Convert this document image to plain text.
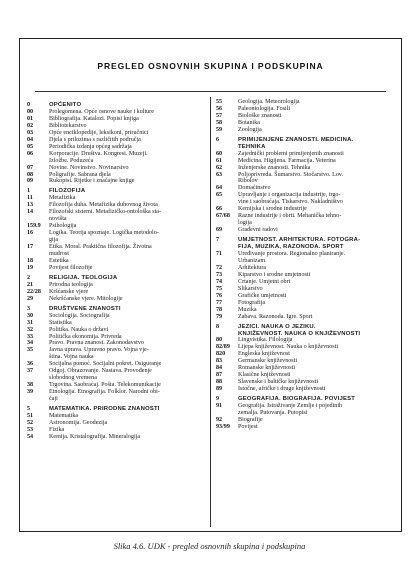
PREGLED OSNOVNIH SKUPINA I PODSKUPINA
0	OPĆENITO
00	Prolegomena. Opće osnove nauke i kulture
01	Bibliografija. Katalozi. Popisi knjiga
02	Bibliotekarstvo
03	Opće enciklopedije, leksikoni, priručnici
04	Djela s prilozima s različitih područja
05	Periodička izdanja općeg sadržaja
06	Korporacije. Društva. Kongresi. Muzeji.
Izložbe. Poduzeća
07	Novine. Novinstvo. Novinarstvo
08	Poligrafije. Sabrana djela
09	Rukopisi. Rijetke i značajne knjige
1	FILOZOFIJA
11	Metafizika
13	Filozofija duha. Metafizika duhovnog života
14	Filozofski sistemi. Metafizičko-ontološka sta-
novišta
159.9	Psihologija
16	Logika. Teorija spoznaje. Logička metodolo-
gija
17	Etika. Moral. Praktična filozofija. Životna
mudrost
18	Estetika
19	Povijest filozofije
2	RELIGIJA. TEOLOGIJA
21	Prirodna teologija
22/28	Kršćanske vjere
29	Nekršćanske vjere. Mitologije
3	DRUŠTVENE ZNANOSTI
30	Sociologija. Sociografija
31	Statistika
32	Politika. Nauka o državi
33	Politička ekonomija. Privreda
34	Pravo. Pravna znanost. Zakonodavstvo
35	Javna uprava. Upravno pravo. Vojna vje-
ština. Vojna nauka
36	Socijalna pomoć. Socijalni pokret. Osiguranje
37	Odgoj. Obrazovanje. Nastava. Provođenje
slobodnog vremena
38	Trgovina. Saobraćaj. Pošta. Telekomunikacije
39	Etnologija. Etnografija. Folklor. Narodni obi-
čaji
5	MATEMATIKA. PRIRODNE ZNANOSTI
51	Matematika
52	Astronomija. Geodezija
53	Fizika
54	Kemija. Kristalografija. Mineralogija
55	Geologija. Meteorologija
56	Paleontologija. Fosili
57	Biološke znanosti
58	Botanika
59	Zoologija
6	PRIMIJENJENE ZNANOSTI. MEDICINA.
TEHNIKA
60	Zajednički problemi primijenjenih znanosti
61	Medicina. Higijena. Farmacija. Veterina
62	Inženjerske znanosti. Tehnika
63	Poljoprivreda. Šumarstvo. Stočarstvo. Lov.
Ribolov
64	Domaćinstvo
65	Upravljanje i organizacija industrije, trgo-
vine i saobraćaja. Tiskarstvo. Nakladništvo
66	Kemijska i srodne industrije
67/68	Razne industrije i obrti. Mehanička tehno-
logija
69	Građevni radovi
7	UMJETNOST. ARHITEKTURA. FOTOGRA-
FIJA, MUZIKA, RAZONODA. SPORT
71	Uređivanje prostora. Regionalno planiranje.
Urbanizam
72	Arhitektura
73	Kiparstvo i srodne umjetnosti
74	Crtanje. Umjetni obrt
75	Slikarstvo
76	Grafičke umjetnosti
77	Fotografija
78	Muzika
79	Zabava. Razonoda. Igre. Sport
8	JEZICI. NAUKA O JEZIKU.
KNJIŽEVNOST. NAUKA O KNJIŽEVNOSTI
80	Lingvistika. Filologija
82/89	Lijepa književnost. Nauka o književnosti
820	Engleska književnost
83	Germanske književnosti
84	Romanske književnosti
87	Klasične književnosti
88	Slavenske i baltičke književnosti
89	Istočne, afričke i druge književnosti
9	GEOGRAFIJA. BIOGRAFIJA. POVIJEST
91	Geografija. Istraživanje Zemlje i pojedinih
zemalja. Putovanja. Putopisi
92	Biografije
93/99	Povijest
Slika 4.6. UDK - pregled osnovnih skupina i podskupina
